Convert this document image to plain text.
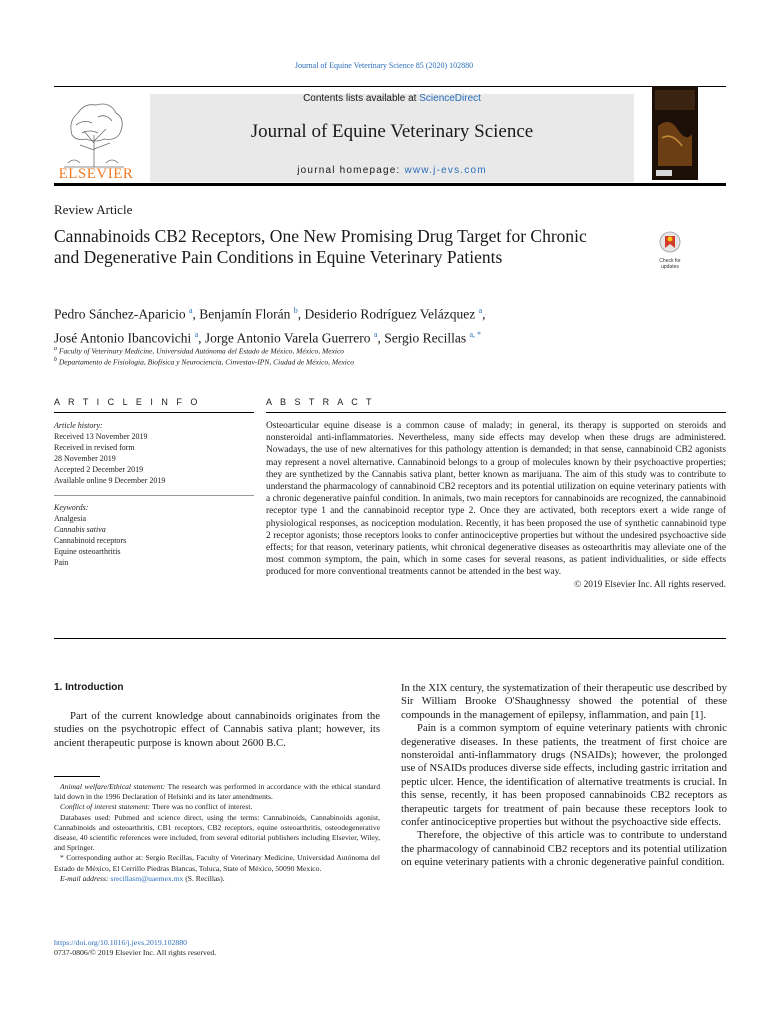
Journal of Equine Veterinary Science 85 (2020) 102880
ELSEVIER
Contents lists available at ScienceDirect
Journal of Equine Veterinary Science
journal homepage: www.j-evs.com
Review Article
Cannabinoids CB2 Receptors, One New Promising Drug Target for Chronic and Degenerative Pain Conditions in Equine Veterinary Patients	Check for
updates
Pedro Sánchez-Aparicio $^a$, Benjamín Florán $^b$, Desiderio Rodríguez Velázquez $^a$,
José Antonio Ibancovichi $^a$, Jorge Antonio Varela Guerrero $^a$, Sergio Recillas $^{a, *}$
$^a$ Faculty of Veterinary Medicine, Universidad Autónoma del Estado de México, México, Mexico
$^b$ Departamento de Fisiologia, Biofísica y Neurociencia, Cinvestav-IPN, Ciudad de México, Mexico
A R T I C L E I N F O
Article history:
Received 13 November 2019
Received in revised form
28 November 2019
Accepted 2 December 2019
Available online 9 December 2019
Keywords:
Analgesia
Cannabis sativa
Cannabinoid receptors
Equine osteoarthritis
Pain
A B S T R A C T

Osteoarticular equine disease is a common cause of malady; in general, its therapy is supported on steroids and nonsteroidal anti-inflammatories. Nevertheless, many side effects may develop when these drugs are administered. Nowadays, the use of new alternatives for this pathology attention is demanded; in that sense, cannabinoid CB2 agonists may represent a novel alternative. Cannabinoid belongs to a group of molecules known by their psychoactive properties; they are synthetized by the Cannabis sativa plant, better known as marijuana. The aim of this study was to contribute to understand the pharmacology of cannabinoid CB2 receptors and its potential utilization on equine veterinary patients with a chronic degenerative painful condition. In animals, two main receptors for cannabinoids are recognized, the cannabinoid receptor type 1 and the cannabinoid receptor type 2. Once they are activated, both receptors exert a wide range of physiological responses, as nociception modulation. Recently, it has been proposed the use of synthetic cannabinoid type 2 receptor agonists; those receptors looks to confer antinociceptive properties but without the undesired psychoactive side effects; for that reason, veterinary patients, whit chronical degenerative diseases as osteoarthritis may alleviate one of the most common symptom, the pain, which in some cases for several reasons, as patient individualities, or side effects produced for more conventional treatments cannot be attended in the best way.

© 2019 Elsevier Inc. All rights reserved.

1. Introduction

Part of the current knowledge about cannabinoids originates from the studies on the psychotropic effect of Cannabis sativa plant; however, its ancient therapeutic purpose is known about 2600 B.C.

Animal welfare/Ethical statement: The research was performed in accordance with the ethical standard laid down in the 1996 Declaration of Helsinki and its later amendments.

Conflict of interest statement: There was no conflict of interest.

Databases used: Pubmed and science direct, using the terms: Cannabinoids, Cannabinoids agonist, Cannabinoids and osteoarthritis, CB1 receptors, CB2 receptors, equine osteoarthritis, osteodegenerative disease, 40 scientific references were included, from several editorial publishers including Elsevier, Wiley, and Springer.

* Corresponding author at: Sergio Recillas, Faculty of Veterinary Medicine, Universidad Autónoma del Estado de México, El Cerrillo Piedras Blancas, Toluca, State of México, 50090 Mexico.

E-mail address: srecillasm@uaemex.mx (S. Recillas).

https://doi.org/10.1016/j.jevs.2019.102880
0737-0806/© 2019 Elsevier Inc. All rights reserved.

In the XIX century, the systematization of their therapeutic use described by Sir William Brooke O'Shaughnessy showed the potential of these compounds in the management of epilepsy, inflammation, and pain [1].

Pain is a common symptom of equine veterinary patients with chronic degenerative diseases. In these patients, the treatment of first choice are nonsteroidal anti-inflammatory drugs (NSAIDs); however, the prolonged use of NSAIDs produces diverse side effects, including gastric irritation and peptic ulcer. Hence, the identification of alternative treatments is crucial. In this sense, recently, it has been proposed cannabinoids CB2 receptors as therapeutic targets for treatment of pain because these receptors look to confer antinociceptive properties but without the psychoactive side effects.

Therefore, the objective of this article was to contribute to understand the pharmacology of cannabinoid CB2 receptors and its potential utilization on equine veterinary patients with a chronic degenerative painful condition.
